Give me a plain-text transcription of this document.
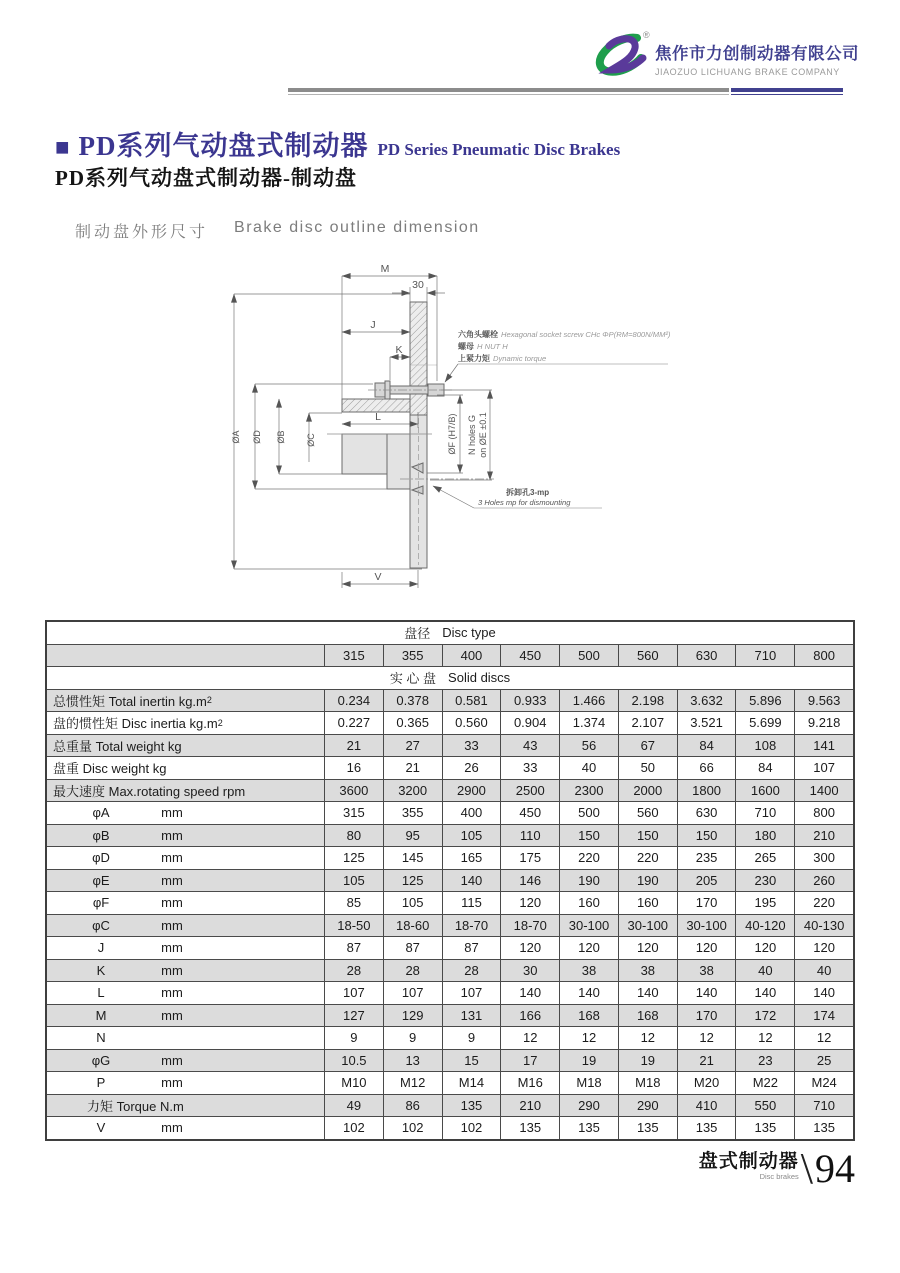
®
焦作市力创制动器有限公司
JIAOZUO LICHUANG BRAKE COMPANY
■ PD系列气动盘式制动器 PD Series Pneumatic Disc Brakes
PD系列气动盘式制动器-制动盘
制动盘外形尺寸 Brake disc outline dimension
M
30
J
K
L
V
ØA ØD ØB ØC	ØF (H7/B) N holes G on ØE ±0.1
六角头螺栓 Hexagonal socket screw CHc ΦP(RM=800N/MM²)
螺母 H NUT H
上紧力矩 Dynamic torque
拆卸孔3-mp
3 Holes mp for dismounting
盘径 Disc type
315	355	400	450	500	560	630	710	800
实 心 盘 Solid discs
总惯性矩 Total inertin kg.m 2	0.234	0.378	0.581	0.933	1.466	2.198	3.632	5.896	9.563
盘的惯性矩 Disc inertia kg.m 2	0.227	0.365	0.560	0.904	1.374	2.107	3.521	5.699	9.218
总重量 Total weight kg	21	27	33	43	56	67	84	108	141
盘重 Disc weight kg	16	21	26	33	40	50	66	84	107
最大速度 Max.rotating speed rpm	3600	3200	2900	2500	2300	2000	1800	1600	1400
φA	mm	315	355	400	450	500	560	630	710	800
φB	mm	80	95	105	110	150	150	150	180	210
φD	mm	125	145	165	175	220	220	235	265	300
φE	mm	105	125	140	146	190	190	205	230	260
φF	mm	85	105	115	120	160	160	170	195	220
φC	mm	18-50	18-60	18-70	18-70	30-100	30-100	30-100	40-120	40-130
J	mm	87	87	87	120	120	120	120	120	120
K	mm	28	28	28	30	38	38	38	40	40
L	mm	107	107	107	140	140	140	140	140	140
M	mm	127	129	131	166	168	168	170	172	174
N	9	9	9	12	12	12	12	12	12
φG	mm	10.5	13	15	17	19	19	21	23	25
P	mm	M10	M12	M14	M16	M18	M18	M20	M22	M24
力矩 Torque N.m	49	86	135	210	290	290	410	550	710
V	mm	102	102	102	135	135	135	135	135	135
盘式制动器
Disc brakes \ 94
